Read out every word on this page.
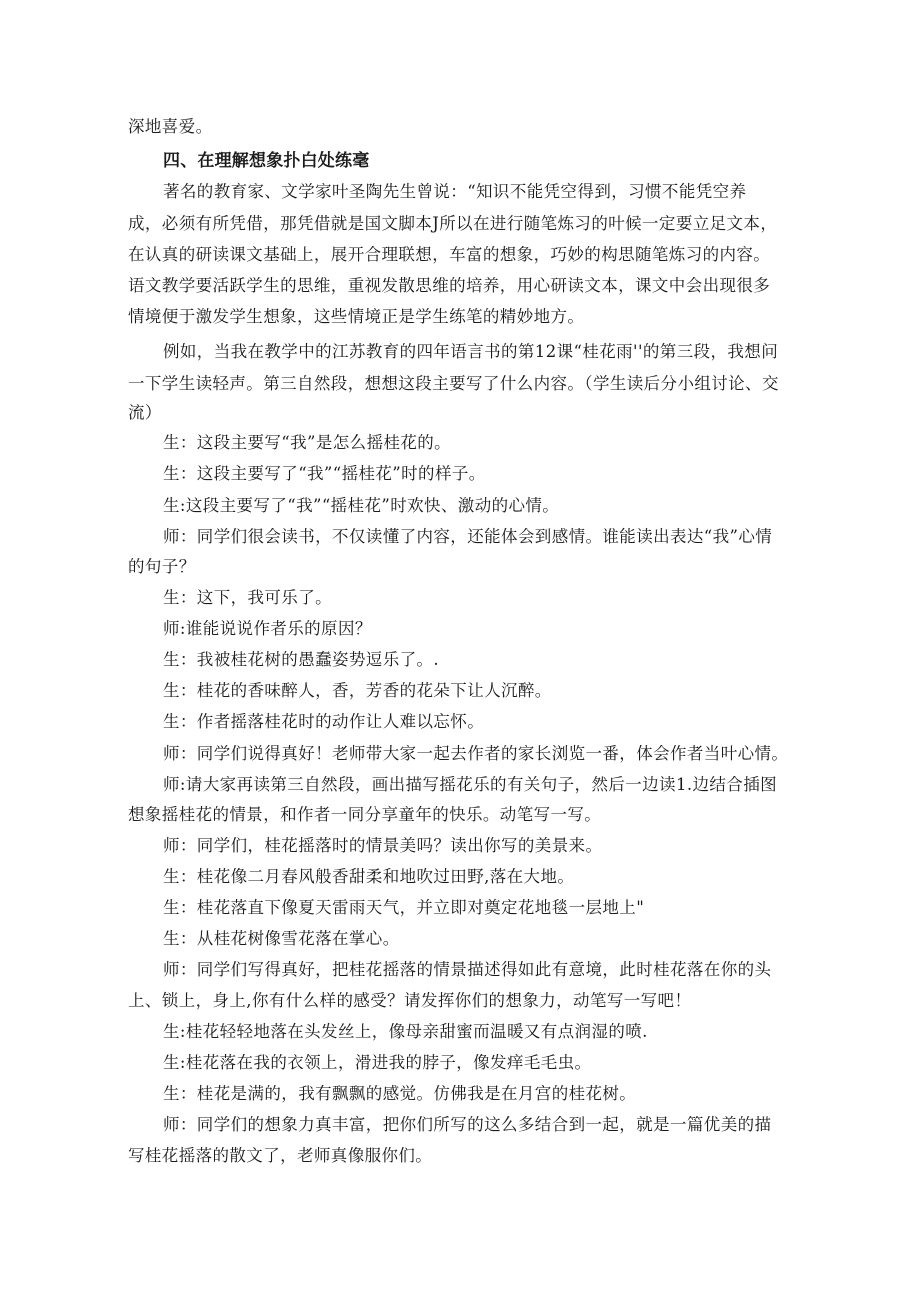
深地喜爱。
四、在理解想象扑白处练毫
著名的教育家、文学家叶圣陶先生曾说：“知识不能凭空得到，习惯不能凭空养
成，必须有所凭借，那凭借就是国文脚本J所以在进行随笔炼习的叶候一定要立足文本，
在认真的研读课文基础上，展开合理联想，车富的想象，巧妙的构思随笔炼习的内容。
语文教学要活跃学生的思维，重视发散思维的培养，用心研读文本，课文中会出现很多
情境便于激发学生想象，这些情境正是学生练笔的精妙地方。
例如，当我在教学中的江苏教育的四年语言书的第12课“桂花雨''的第三段，我想问
一下学生读轻声。第三自然段，想想这段主要写了什么内容。（学生读后分小组讨论、交
流）
生：这段主要写“我”是怎么摇桂花的。
生：这段主要写了“我”“摇桂花”时的样子。
生:这段主要写了“我”“摇桂花”时欢快、激动的心情。
师：同学们很会读书，不仅读懂了内容，还能体会到感情。谁能读出表达“我”心情
的句子？
生：这下，我可乐了。
师:谁能说说作者乐的原因？
生：我被桂花树的愚蠢姿势逗乐了。.
生：桂花的香味醉人，香，芳香的花朵下让人沉醉。
生：作者摇落桂花时的动作让人难以忘怀。
师：同学们说得真好！老师带大家一起去作者的家长浏览一番，体会作者当叶心情。
师:请大家再读第三自然段，画出描写摇花乐的有关句子，然后一边读1.边结合插图
想象摇桂花的情景，和作者一同分享童年的快乐。动笔写一写。
师：同学们，桂花摇落时的情景美吗？读出你写的美景来。
生：桂花像二月春风般香甜柔和地吹过田野,落在大地。
生：桂花落直下像夏天雷雨天气，并立即对奠定花地毯一层地上"
生：从桂花树像雪花落在掌心。
师：同学们写得真好，把桂花摇落的情景描述得如此有意境，此时桂花落在你的头
上、锁上，身上,你有什么样的感受？请发挥你们的想象力，动笔写一写吧！
生:桂花轻轻地落在头发丝上，像母亲甜蜜而温暖又有点润湿的喷.
生:桂花落在我的衣领上，滑进我的脖子，像发痒毛毛虫。
生：桂花是满的，我有飘飘的感觉。仿佛我是在月宫的桂花树。
师：同学们的想象力真丰富，把你们所写的这么多结合到一起，就是一篇优美的描
写桂花摇落的散文了，老师真像服你们。
